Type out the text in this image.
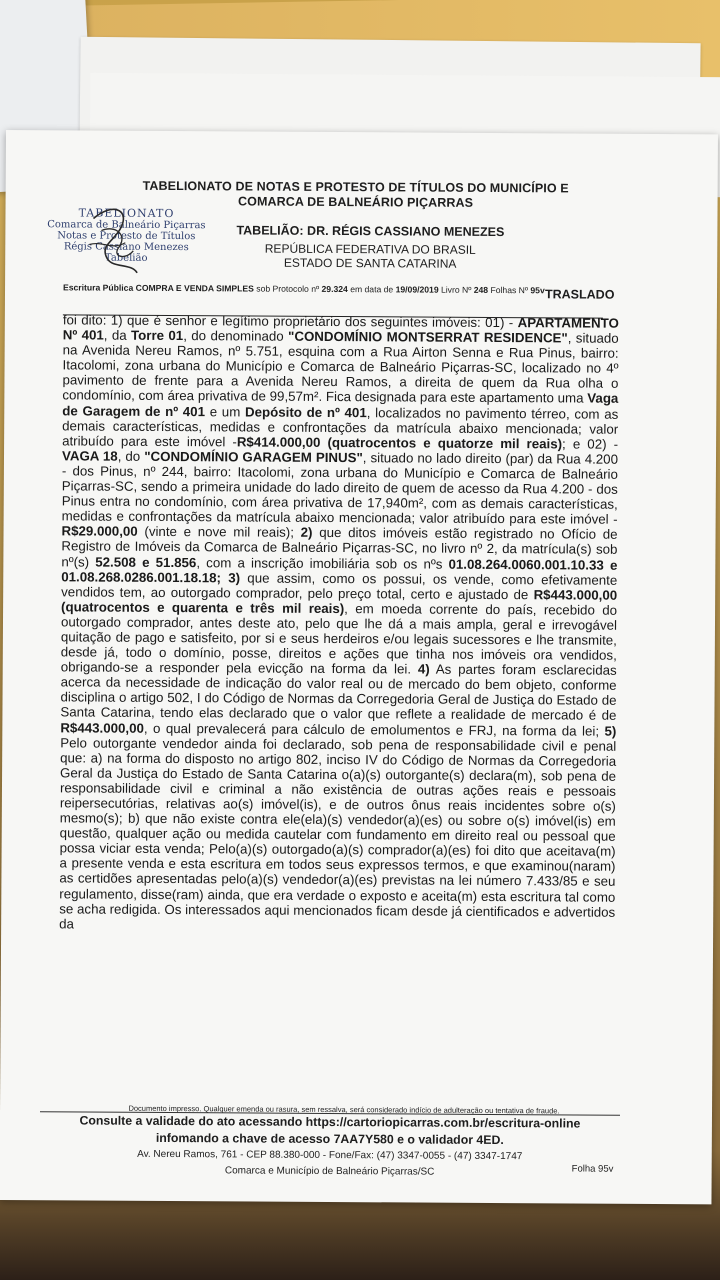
TABELIONATO DE NOTAS E PROTESTO DE TÍTULOS DO MUNICÍPIO E COMARCA DE BALNEÁRIO PIÇARRAS
TABELIONATO
Comarca de Balneário Piçarras
Notas e Protesto de Títulos
Régis Cassiano Menezes
Tabelião
TABELIÃO: DR. RÉGIS CASSIANO MENEZES
REPÚBLICA FEDERATIVA DO BRASIL
ESTADO DE SANTA CATARINA
TRASLADO
Escritura Pública COMPRA E VENDA SIMPLES sob Protocolo nº 29.324 em data de 19/09/2019 Livro Nº 248 Folhas Nº 95v
foi dito: 1) que é senhor e legítimo proprietário dos seguintes imóveis: 01) - APARTAMENTO Nº 401, da Torre 01, do denominado "CONDOMÍNIO MONTSERRAT RESIDENCE", situado na Avenida Nereu Ramos, nº 5.751, esquina com a Rua Airton Senna e Rua Pinus, bairro: Itacolomi, zona urbana do Município e Comarca de Balneário Piçarras-SC, localizado no 4º pavimento de frente para a Avenida Nereu Ramos, a direita de quem da Rua olha o condomínio, com área privativa de 99,57m². Fica designada para este apartamento uma Vaga de Garagem de nº 401 e um Depósito de nº 401, localizados no pavimento térreo, com as demais características, medidas e confrontações da matrícula abaixo mencionada; valor atribuído para este imóvel -R$414.000,00 (quatrocentos e quatorze mil reais); e 02) - VAGA 18, do "CONDOMÍNIO GARAGEM PINUS", situado no lado direito (par) da Rua 4.200 - dos Pinus, nº 244, bairro: Itacolomi, zona urbana do Município e Comarca de Balneário Piçarras-SC, sendo a primeira unidade do lado direito de quem de acesso da Rua 4.200 - dos Pinus entra no condomínio, com área privativa de 17,940m², com as demais características, medidas e confrontações da matrícula abaixo mencionada; valor atribuído para este imóvel -R$29.000,00 (vinte e nove mil reais); 2) que ditos imóveis estão registrado no Ofício de Registro de Imóveis da Comarca de Balneário Piçarras-SC, no livro nº 2, da matrícula(s) sob nº(s) 52.508 e 51.856, com a inscrição imobiliária sob os nºs 01.08.264.0060.001.10.33 e 01.08.268.0286.001.18.18; 3) que assim, como os possui, os vende, como efetivamente vendidos tem, ao outorgado comprador, pelo preço total, certo e ajustado de R$443.000,00 (quatrocentos e quarenta e três mil reais), em moeda corrente do país, recebido do outorgado comprador, antes deste ato, pelo que lhe dá a mais ampla, geral e irrevogável quitação de pago e satisfeito, por si e seus herdeiros e/ou legais sucessores e lhe transmite, desde já, todo o domínio, posse, direitos e ações que tinha nos imóveis ora vendidos, obrigando-se a responder pela evicção na forma da lei. 4) As partes foram esclarecidas acerca da necessidade de indicação do valor real ou de mercado do bem objeto, conforme disciplina o artigo 502, I do Código de Normas da Corregedoria Geral de Justiça do Estado de Santa Catarina, tendo elas declarado que o valor que reflete a realidade de mercado é de R$443.000,00, o qual prevalecerá para cálculo de emolumentos e FRJ, na forma da lei; 5) Pelo outorgante vendedor ainda foi declarado, sob pena de responsabilidade civil e penal que: a) na forma do disposto no artigo 802, inciso IV do Código de Normas da Corregedoria Geral da Justiça do Estado de Santa Catarina o(a)(s) outorgante(s) declara(m), sob pena de responsabilidade civil e criminal a não existência de outras ações reais e pessoais reipersecutórias, relativas ao(s) imóvel(is), e de outros ônus reais incidentes sobre o(s) mesmo(s); b) que não existe contra ele(ela)(s) vendedor(a)(es) ou sobre o(s) imóvel(is) em questão, qualquer ação ou medida cautelar com fundamento em direito real ou pessoal que possa viciar esta venda; Pelo(a)(s) outorgado(a)(s) comprador(a)(es) foi dito que aceitava(m) a presente venda e esta escritura em todos seus expressos termos, e que examinou(naram) as certidões apresentadas pelo(a)(s) vendedor(a)(es) previstas na lei número 7.433/85 e seu regulamento, disse(ram) ainda, que era verdade o exposto e aceita(m) esta escritura tal como se acha redigida. Os interessados aqui mencionados ficam desde já cientificados e advertidos da
Documento impresso. Qualquer emenda ou rasura, sem ressalva, será considerado indício de adulteração ou tentativa de fraude.
Consulte a validade do ato acessando https://cartoriopicarras.com.br/escritura-online
infomando a chave de acesso 7AA7Y580 e o validador 4ED.
Av. Nereu Ramos, 761 - CEP 88.380-000 - Fone/Fax: (47) 3347-0055 - (47) 3347-1747
Comarca e Município de Balneário Piçarras/SC	Folha 95v
